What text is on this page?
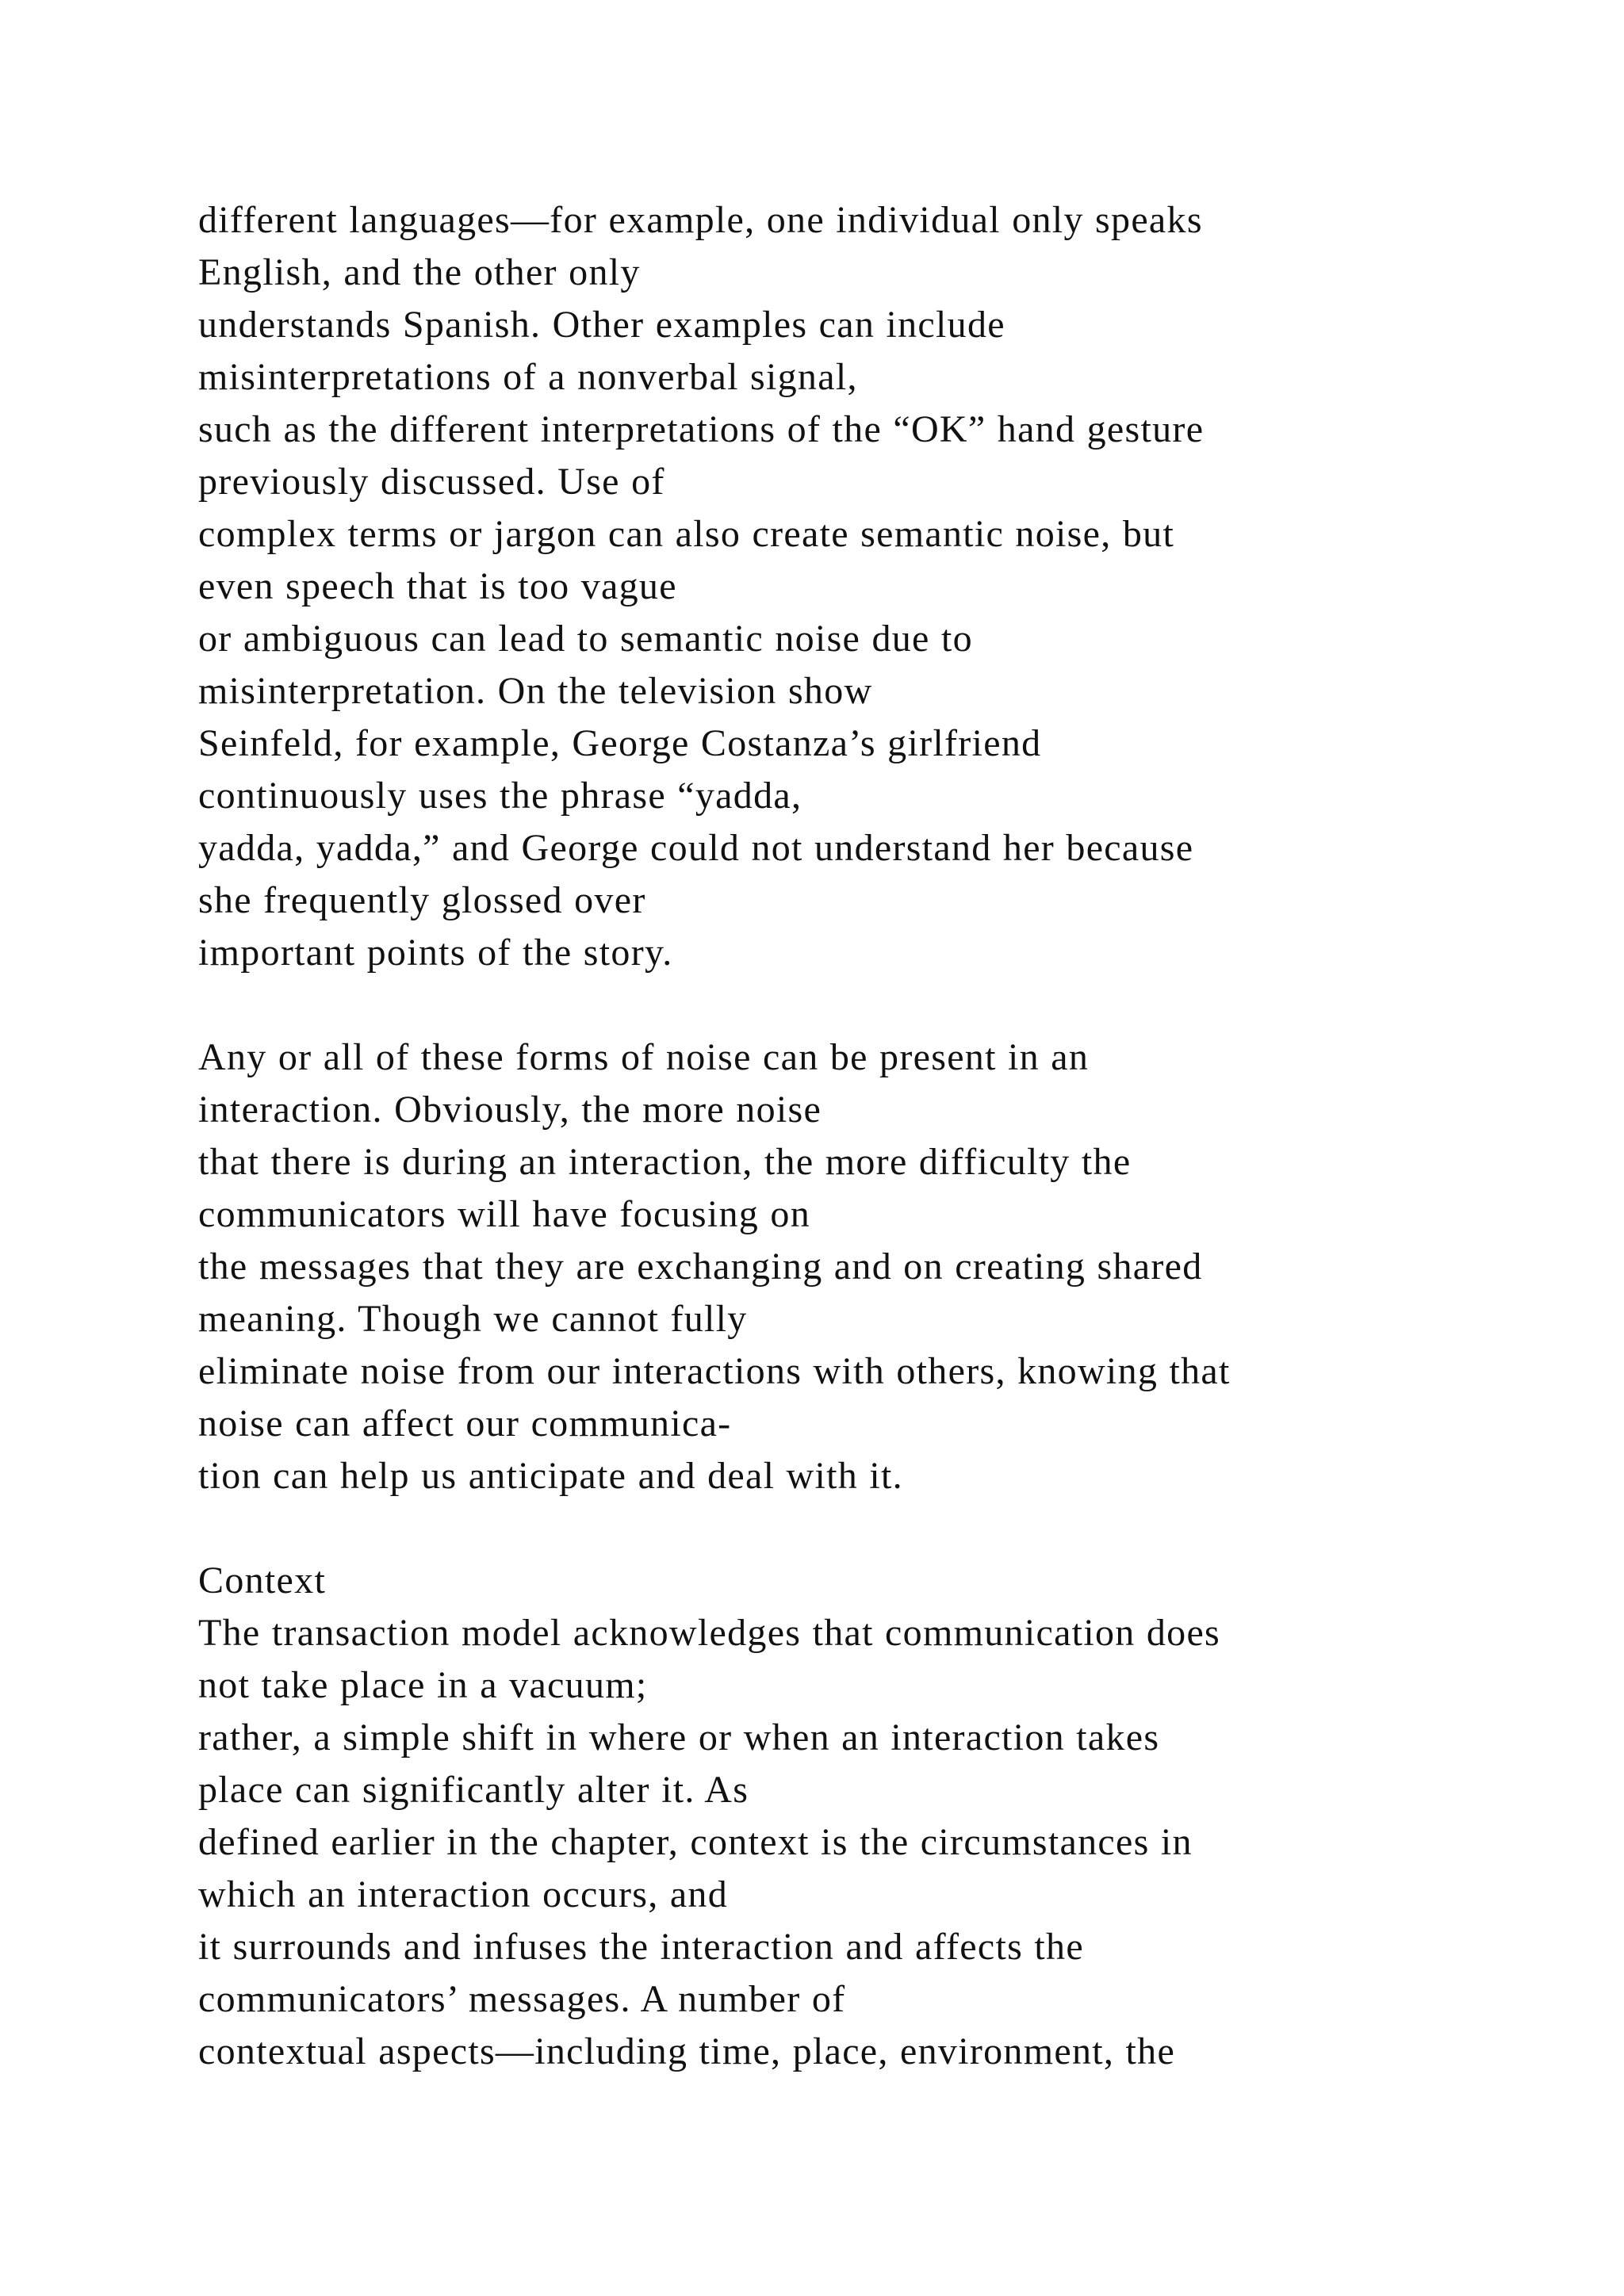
different languages—for example, one individual only speaks
English, and the other only
understands Spanish. Other examples can include
misinterpretations of a nonverbal signal,
such as the different interpretations of the “OK” hand gesture
previously discussed. Use of
complex terms or jargon can also create semantic noise, but
even speech that is too vague
or ambiguous can lead to semantic noise due to
misinterpretation. On the television show
Seinfeld, for example, George Costanza’s girlfriend
continuously uses the phrase “yadda,
yadda, yadda,” and George could not understand her because
she frequently glossed over
important points of the story.
Any or all of these forms of noise can be present in an
interaction. Obviously, the more noise
that there is during an interaction, the more difficulty the
communicators will have focusing on
the messages that they are exchanging and on creating shared
meaning. Though we cannot fully
eliminate noise from our interactions with others, knowing that
noise can affect our communica-
tion can help us anticipate and deal with it.
Context
The transaction model acknowledges that communication does
not take place in a vacuum;
rather, a simple shift in where or when an interaction takes
place can significantly alter it. As
defined earlier in the chapter, context is the circumstances in
which an interaction occurs, and
it surrounds and infuses the interaction and affects the
communicators’ messages. A number of
contextual aspects—including time, place, environment, the
